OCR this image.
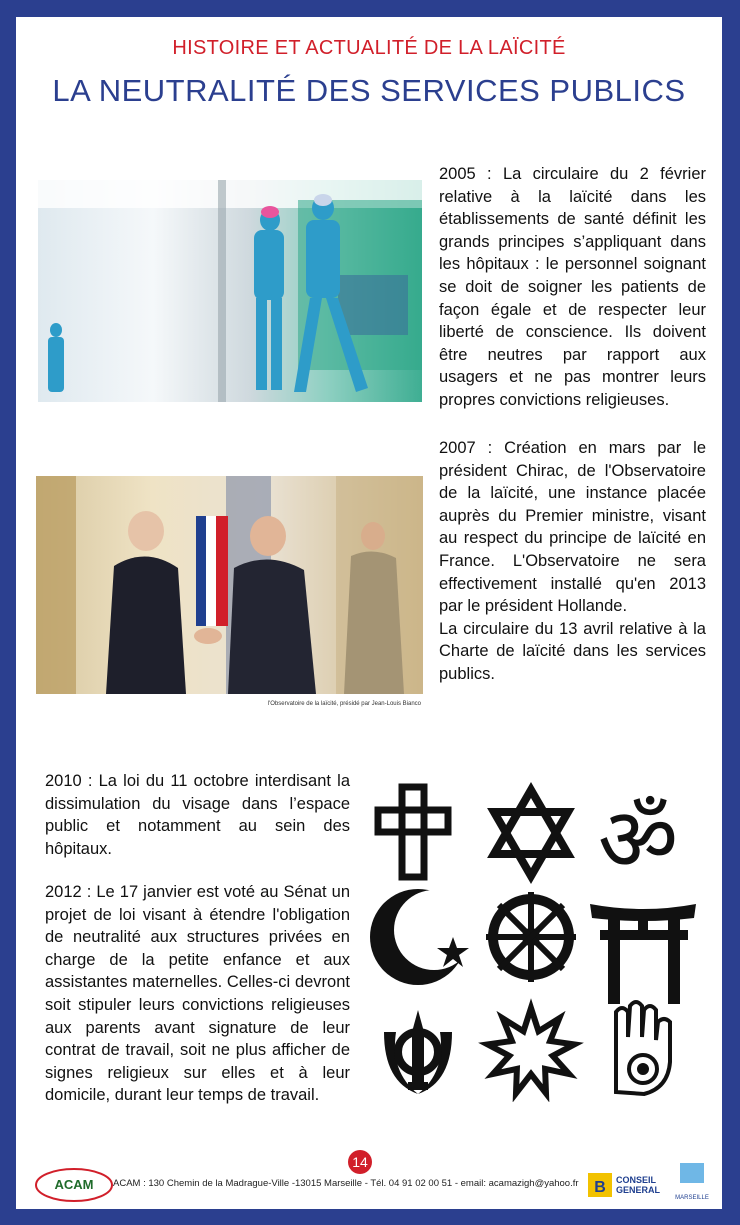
HISTOIRE ET ACTUALITÉ DE LA LAÏCITÉ
LA NEUTRALITÉ DES SERVICES PUBLICS
l'Observatoire de la laïcité, présidé par Jean-Louis Bianco
2005 : La circulaire du 2 février relative à la laïcité dans les établissements de santé définit les grands principes s’appliquant dans les hôpitaux : le personnel soignant se doit de soigner les patients de façon égale et de respecter leur liberté de conscience. Ils doivent être neutres par rapport aux usagers et ne pas montrer leurs propres convictions religieuses.
2007 : Création en mars par le président Chirac, de l'Observatoire de la laïcité, une instance placée auprès du Premier ministre, visant au respect du principe de laïcité en France. L'Observatoire ne sera effectivement installé qu'en 2013 par le président Hollande.
La circulaire du 13 avril relative à la Charte de laïcité dans les services publics.
2010 : La loi du 11 octobre interdisant la dissimulation du visage dans l’espace public et notamment au sein des hôpitaux.
2012 : Le 17 janvier est voté au Sénat un projet de loi visant à étendre l'obligation de neutralité aux structures privées en charge de la petite enfance et aux assistantes maternelles. Celles-ci devront soit stipuler leurs convictions religieuses aux parents avant signature de leur contrat de travail, soit ne plus afficher de signes religieux sur elles et à leur domicile, durant leur temps de travail.
ॐ
14
ACAM ACAM : 130 Chemin de la Madrague-Ville -13015 Marseille - Tél. 04 91 02 00 51 - email: acamazigh@yahoo.fr B CONSEIL
GENERAL
MARSEILLE
